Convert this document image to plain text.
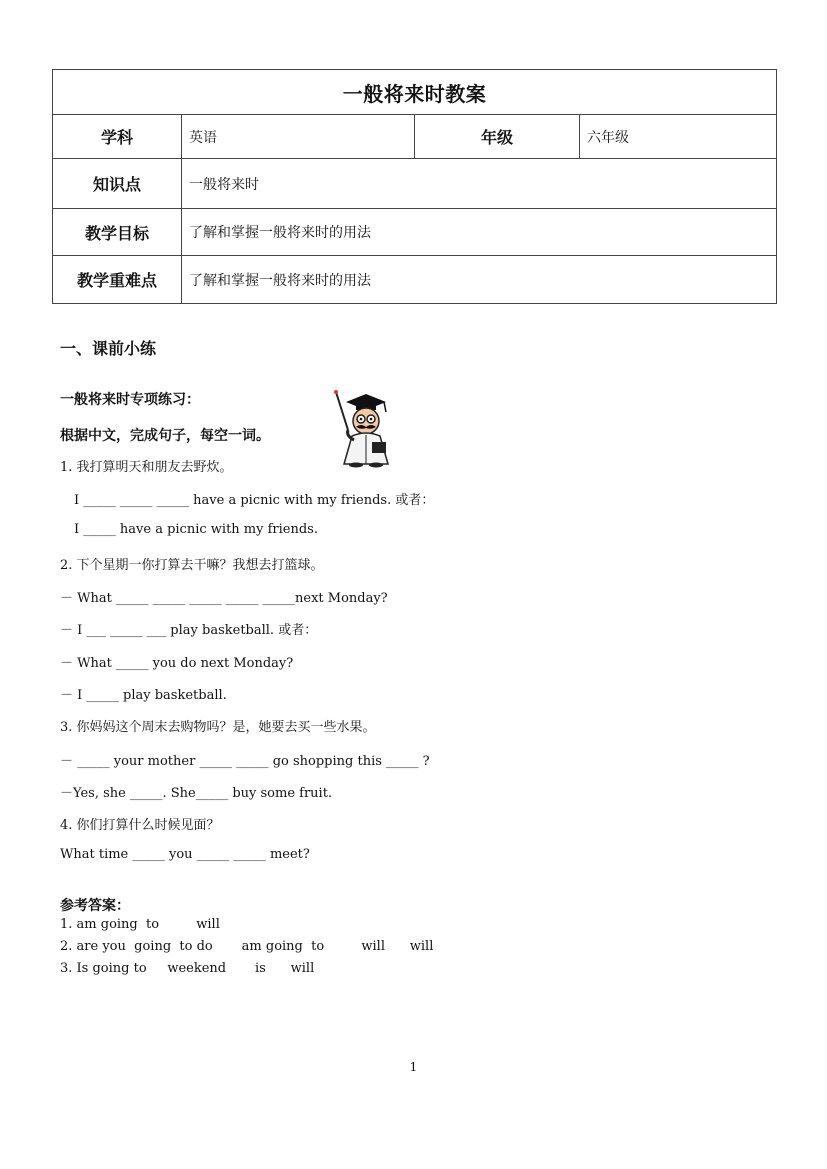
一般将来时教案			
学科	英语	年级	六年级
知识点	一般将来时		
教学目标	了解和掌握一般将来时的用法		
教学重难点	了解和掌握一般将来时的用法		
一、课前小练
一般将来时专项练习：
根据中文，完成句子，每空一词。
1. 我打算明天和朋友去野炊。
I _____ _____ _____ have a picnic with my friends. 或者：
I _____ have a picnic with my friends.
2. 下个星期一你打算去干嘛？我想去打篮球。
－ What _____ _____ _____ _____ _____next Monday?
－ I ___ _____ ___ play basketball. 或者：
－ What _____ you do next Monday?
－ I _____ play basketball.
3. 你妈妈这个周末去购物吗？是，她要去买一些水果。
－ _____ your mother _____ _____ go shopping this _____ ?
－Yes, she _____. She_____ buy some fruit.
4. 你们打算什么时候见面？
What time _____ you _____ _____ meet?
参考答案：
1. am going  to         will
2. are you  going  to do       am going  to         will      will
3. Is going to     weekend       is      will
1
